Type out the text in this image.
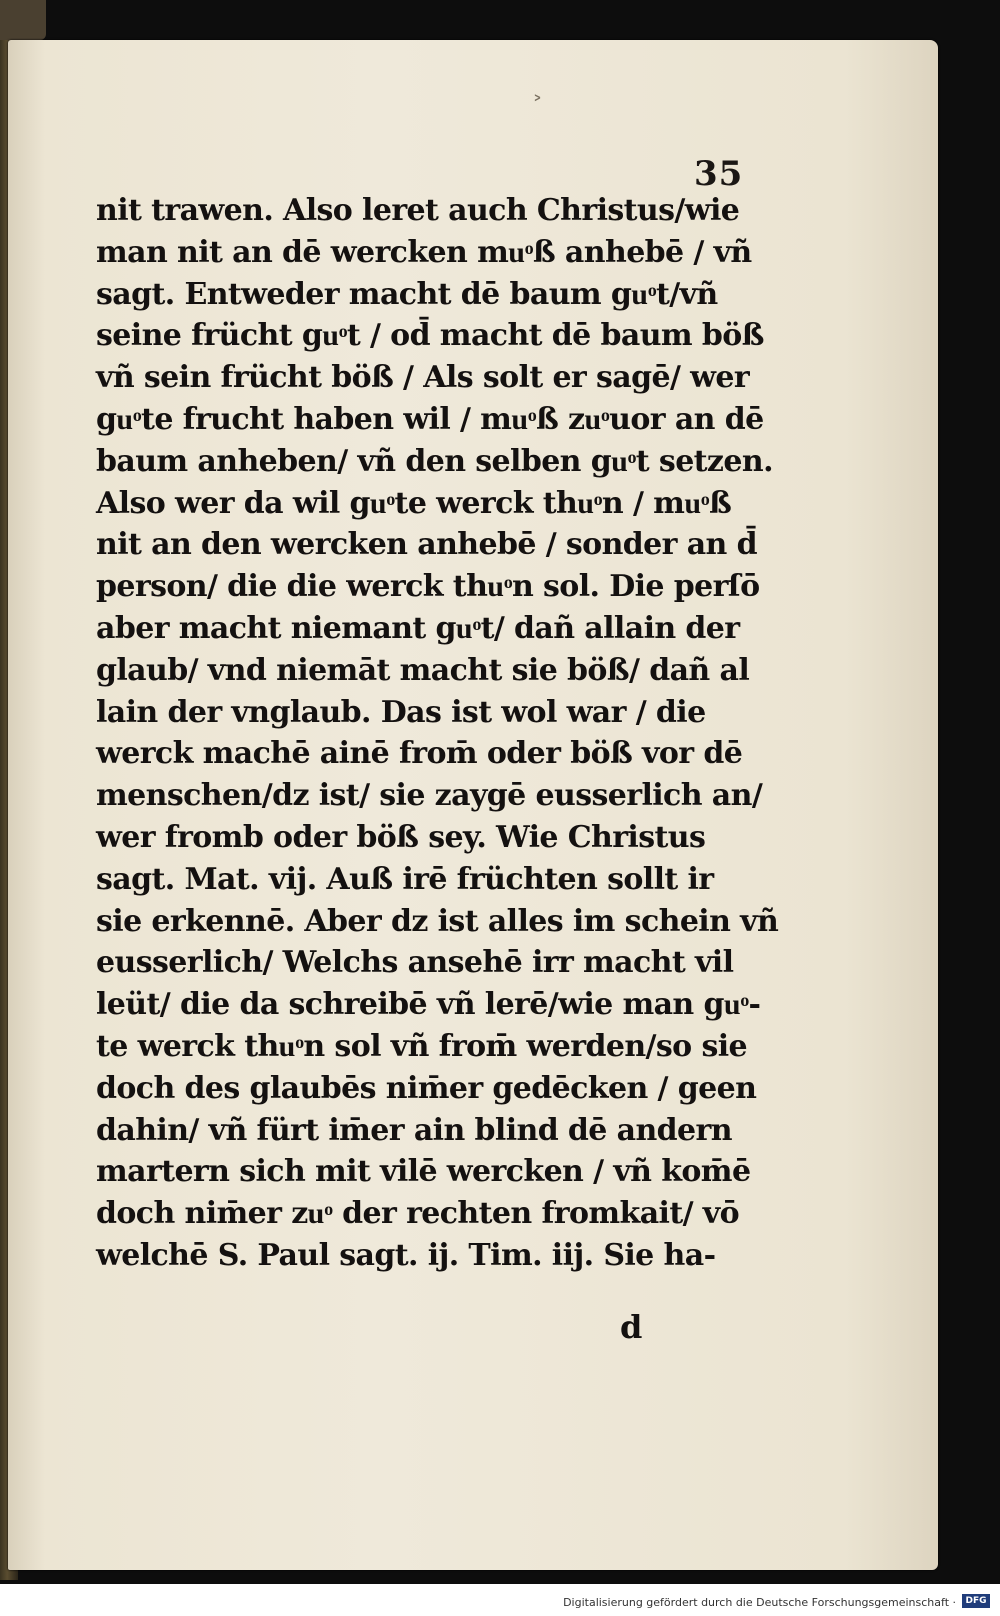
˃
35
nit trawen. Also leret auch Christus/wie
man nit an dē wercken muͦß anhebē / vñ
sagt. Entweder macht dē baum guͦt/vñ
seine frücht guͦt / od̄ macht dē baum böß
vñ sein frücht böß / Als solt er sagē/ wer
guͦte frucht haben wil / muͦß zuͦuor an dē
baum anheben/ vñ den selben guͦt setzen.
Also wer da wil guͦte werck thuͦn / muͦß
nit an den wercken anhebē / sonder an d̄
person/ die die werck thuͦn sol. Die perſō
aber macht niemant guͦt/ dañ allain der
glaub/ vnd niemāt macht sie böß/ dañ al
lain der vnglaub. Das ist wol war / die
werck machē ainē from̄ oder böß vor dē
menschen/dz ist/ sie zaygē eusserlich an/
wer fromb oder böß sey. Wie Christus
sagt. Mat. vij. Auß irē früchten sollt ir
sie erkennē. Aber dz ist alles im schein vñ
eusserlich/ Welchs ansehē irr macht vil
leüt/ die da schreibē vñ lerē/wie man guͦ-
te werck thuͦn sol vñ from̄ werden/so sie
doch des glaubēs nim̄er gedēcken / geen
dahin/ vñ fürt im̄er ain blind dē andern
martern sich mit vilē wercken / vñ kom̄ē
doch nim̄er zuͦ der rechten fromkait/ vō
welchē S. Paul sagt. ij. Tim. iij. Sie ha-
d
Digitalisierung gefördert durch die Deutsche Forschungsgemeinschaft ·	DFG
